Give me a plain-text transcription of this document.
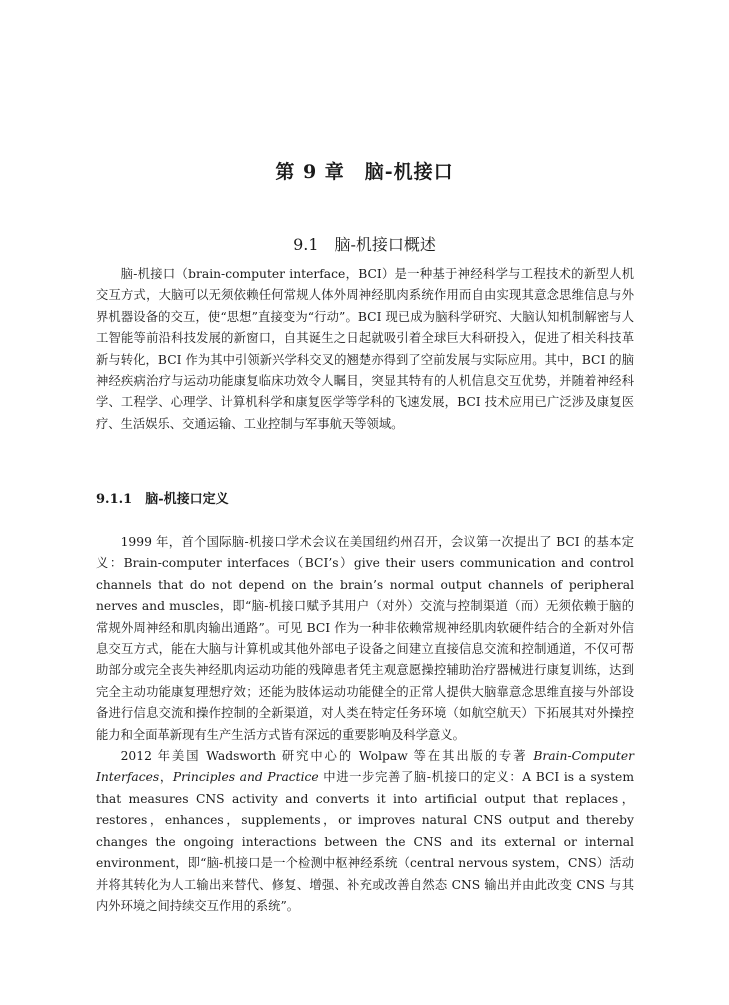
第 9 章　脑-机接口
9.1　脑-机接口概述

脑-机接口（brain-computer interface，BCI）是一种基于神经科学与工程技术的新型人机交互方式，大脑可以无须依赖任何常规人体外周神经肌肉系统作用而自由实现其意念思维信息与外界机器设备的交互，使“思想”直接变为“行动”。BCI 现已成为脑科学研究、大脑认知机制解密与人工智能等前沿科技发展的新窗口，自其诞生之日起就吸引着全球巨大科研投入，促进了相关科技革新与转化，BCI 作为其中引领新兴学科交叉的翘楚亦得到了空前发展与实际应用。其中，BCI 的脑神经疾病治疗与运动功能康复临床功效令人瞩目，突显其特有的人机信息交互优势，并随着神经科学、工程学、心理学、计算机科学和康复医学等学科的飞速发展，BCI 技术应用已广泛涉及康复医疗、生活娱乐、交通运输、工业控制与军事航天等领域。

9.1.1　脑-机接口定义

1999 年，首个国际脑-机接口学术会议在美国纽约州召开，会议第一次提出了 BCI 的基本定义：Brain-computer interfaces（BCI’s）give their users communication and control channels that do not depend on the brain’s normal output channels of peripheral nerves and muscles，即“脑-机接口赋予其用户（对外）交流与控制渠道（而）无须依赖于脑的常规外周神经和肌肉输出通路”。可见 BCI 作为一种非依赖常规神经肌肉软硬件结合的全新对外信息交互方式，能在大脑与计算机或其他外部电子设备之间建立直接信息交流和控制通道，不仅可帮助部分或完全丧失神经肌肉运动功能的残障患者凭主观意愿操控辅助治疗器械进行康复训练，达到完全主动功能康复理想疗效；还能为肢体运动功能健全的正常人提供大脑靠意念思维直接与外部设备进行信息交流和操作控制的全新渠道，对人类在特定任务环境（如航空航天）下拓展其对外操控能力和全面革新现有生产生活方式皆有深远的重要影响及科学意义。

2012 年美国 Wadsworth 研究中心的 Wolpaw 等在其出版的专著 Brain-Computer Interfaces，Principles and Practice 中进一步完善了脑-机接口的定义：A BCI is a system that measures CNS activity and converts it into artificial output that replaces，restores，enhances，supplements，or improves natural CNS output and thereby changes the ongoing interactions between the CNS and its external or internal environment，即“脑-机接口是一个检测中枢神经系统（central nervous system，CNS）活动并将其转化为人工输出来替代、修复、增强、补充或改善自然态 CNS 输出并由此改变 CNS 与其内外环境之间持续交互作用的系统”。
